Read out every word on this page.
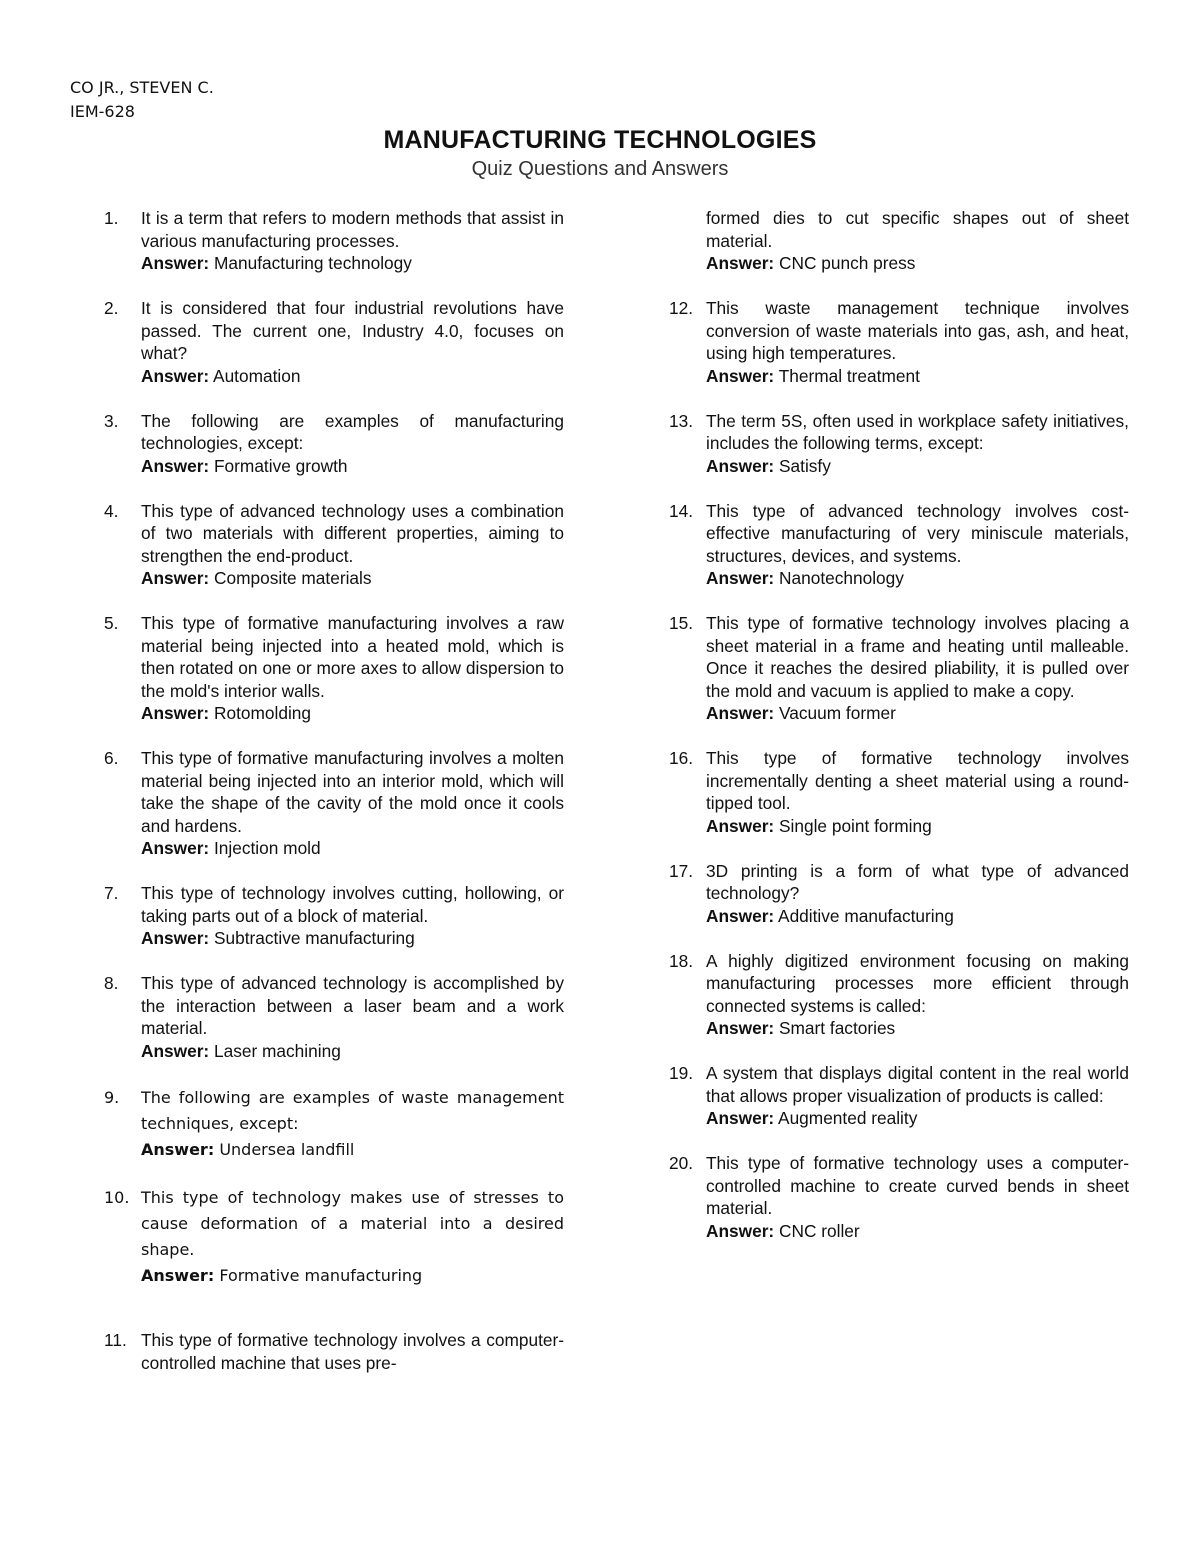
CO JR., STEVEN C.
IEM-628
MANUFACTURING TECHNOLOGIES
Quiz Questions and Answers
1.	It is a term that refers to modern methods that assist in various manufacturing processes.
Answer: Manufacturing technology
2.	It is considered that four industrial revolutions have passed. The current one, Industry 4.0, focuses on what?
Answer: Automation
3.	The following are examples of manufacturing technologies, except:
Answer: Formative growth
4.	This type of advanced technology uses a combination of two materials with different properties, aiming to strengthen the end-product.
Answer: Composite materials
5.	This type of formative manufacturing involves a raw material being injected into a heated mold, which is then rotated on one or more axes to allow dispersion to the mold's interior walls.
Answer: Rotomolding
6.	This type of formative manufacturing involves a molten material being injected into an interior mold, which will take the shape of the cavity of the mold once it cools and hardens.
Answer: Injection mold
7.	This type of technology involves cutting, hollowing, or taking parts out of a block of material.
Answer: Subtractive manufacturing
8.	This type of advanced technology is accomplished by the interaction between a laser beam and a work material.
Answer: Laser machining
9.	The following are examples of waste management techniques, except:
Answer: Undersea landfill
10. This type of technology makes use of stresses to cause deformation of a material into a desired shape.
Answer: Formative manufacturing
11. This type of formative technology involves a computer-controlled machine that uses pre-
formed dies to cut specific shapes out of sheet material.
Answer: CNC punch press
12. This waste management technique involves conversion of waste materials into gas, ash, and heat, using high temperatures.
Answer: Thermal treatment
13. The term 5S, often used in workplace safety initiatives, includes the following terms, except:
Answer: Satisfy
14. This type of advanced technology involves cost-effective manufacturing of very miniscule materials, structures, devices, and systems.
Answer: Nanotechnology
15. This type of formative technology involves placing a sheet material in a frame and heating until malleable. Once it reaches the desired pliability, it is pulled over the mold and vacuum is applied to make a copy.
Answer: Vacuum former
16. This type of formative technology involves incrementally denting a sheet material using a round-tipped tool.
Answer: Single point forming
17. 3D printing is a form of what type of advanced technology?
Answer: Additive manufacturing
18. A highly digitized environment focusing on making manufacturing processes more efficient through connected systems is called:
Answer: Smart factories
19. A system that displays digital content in the real world that allows proper visualization of products is called:
Answer: Augmented reality
20. This type of formative technology uses a computer-controlled machine to create curved bends in sheet material.
Answer: CNC roller
